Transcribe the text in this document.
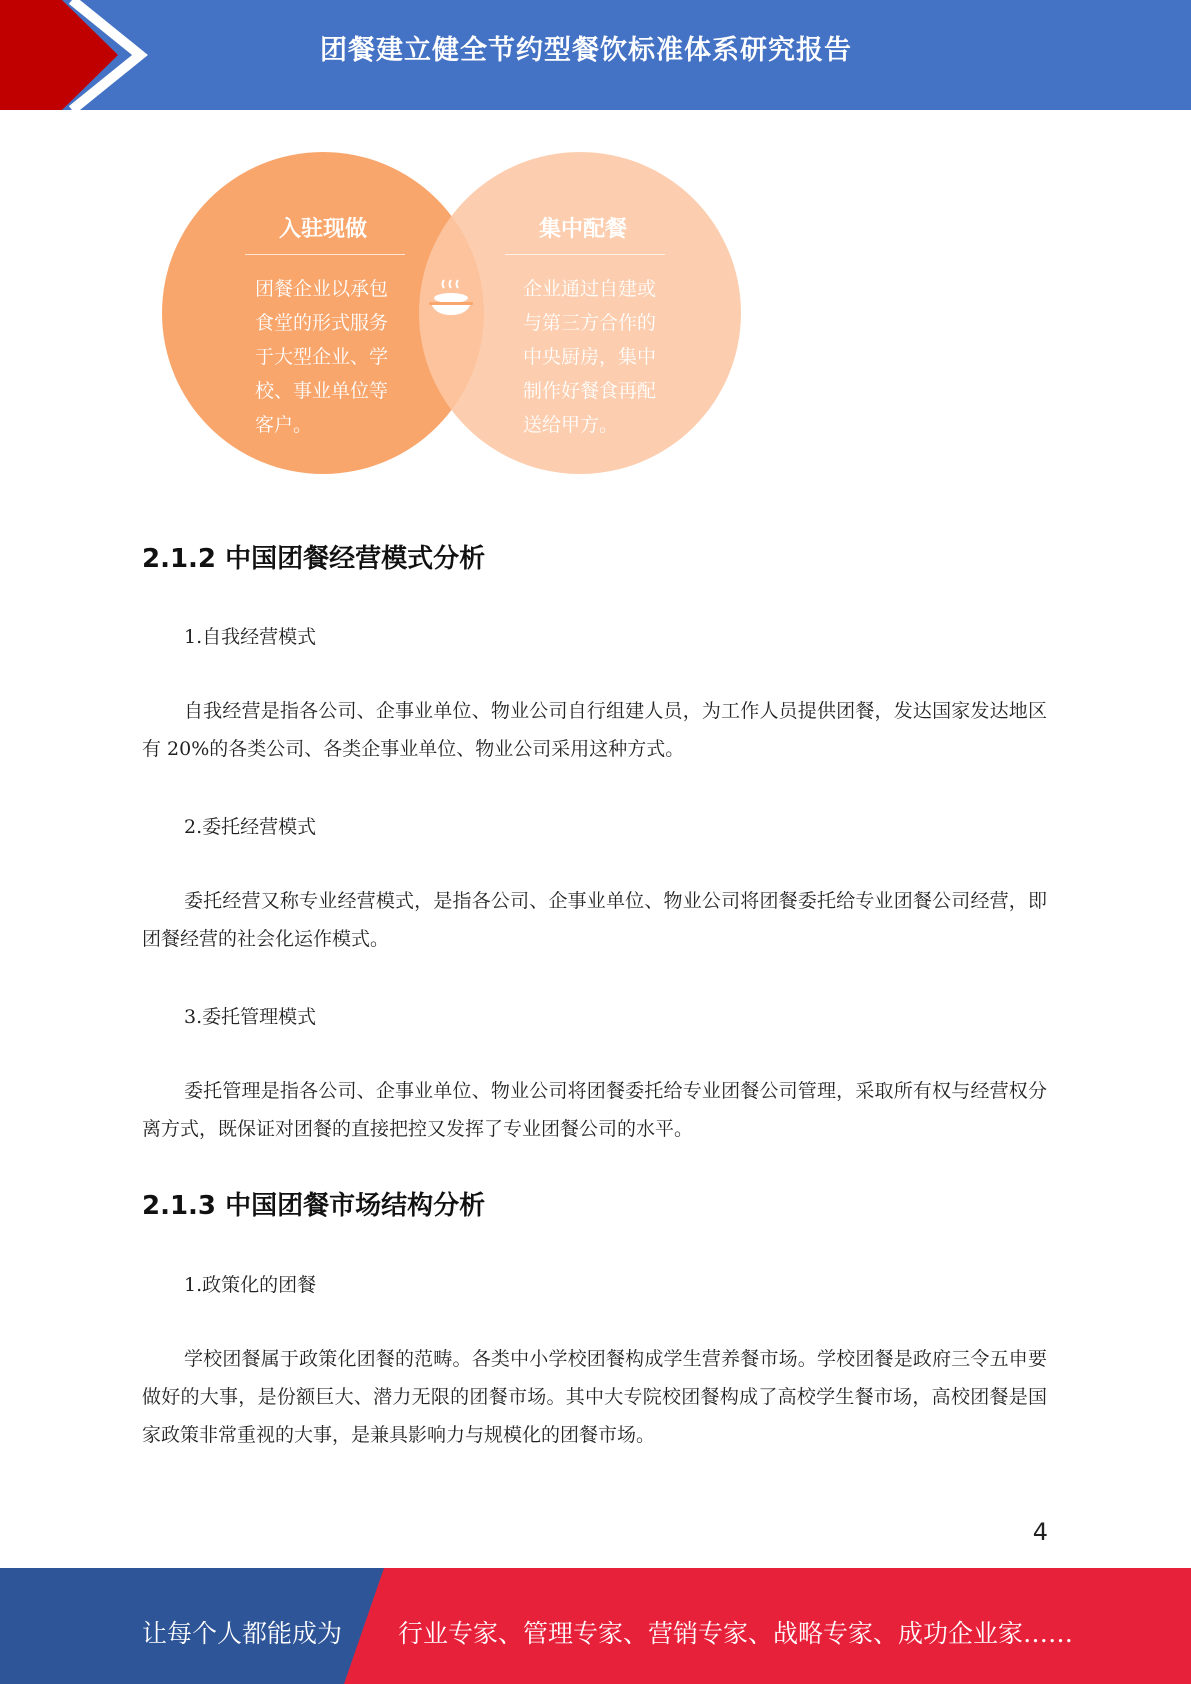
团餐建立健全节约型餐饮标准体系研究报告
入驻现做
团餐企业以承包
食堂的形式服务
于大型企业、学
校、事业单位等
客户。
集中配餐
企业通过自建或
与第三方合作的
中央厨房，集中
制作好餐食再配
送给甲方。
2.1.2 中国团餐经营模式分析
1.自我经营模式
自我经营是指各公司、企事业单位、物业公司自行组建人员，为工作人员提供团餐，发达国家发达地区有 20%的各类公司、各类企事业单位、物业公司采用这种方式。
2.委托经营模式
委托经营又称专业经营模式，是指各公司、企事业单位、物业公司将团餐委托给专业团餐公司经营，即团餐经营的社会化运作模式。
3.委托管理模式
委托管理是指各公司、企事业单位、物业公司将团餐委托给专业团餐公司管理，采取所有权与经营权分离方式，既保证对团餐的直接把控又发挥了专业团餐公司的水平。
2.1.3 中国团餐市场结构分析
1.政策化的团餐
学校团餐属于政策化团餐的范畴。各类中小学校团餐构成学生营养餐市场。学校团餐是政府三令五申要做好的大事，是份额巨大、潜力无限的团餐市场。其中大专院校团餐构成了高校学生餐市场，高校团餐是国家政策非常重视的大事，是兼具影响力与规模化的团餐市场。
4
让每个人都能成为 行业专家、管理专家、营销专家、战略专家、成功企业家……
